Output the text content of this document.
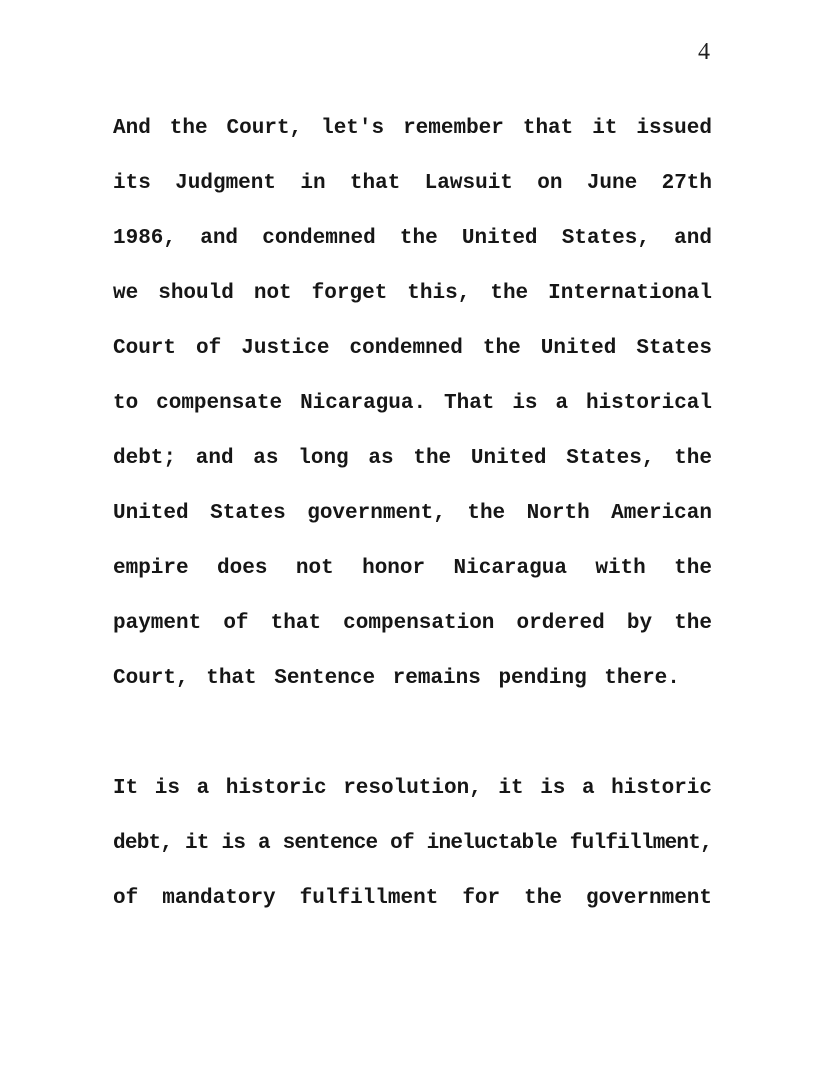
4

And the Court, let's remember that it issued

its Judgment in that Lawsuit on June 27th

1986, and condemned the United States, and

we should not forget this, the International

Court of Justice condemned the United States

to compensate Nicaragua. That is a historical

debt; and as long as the United States, the

United States government, the North American

empire does not honor Nicaragua with the

payment of that compensation ordered by the

Court, that Sentence remains pending there.

It is a historic resolution, it is a historic

debt, it is a sentence of ineluctable fulfillment,

of mandatory fulfillment for the government
